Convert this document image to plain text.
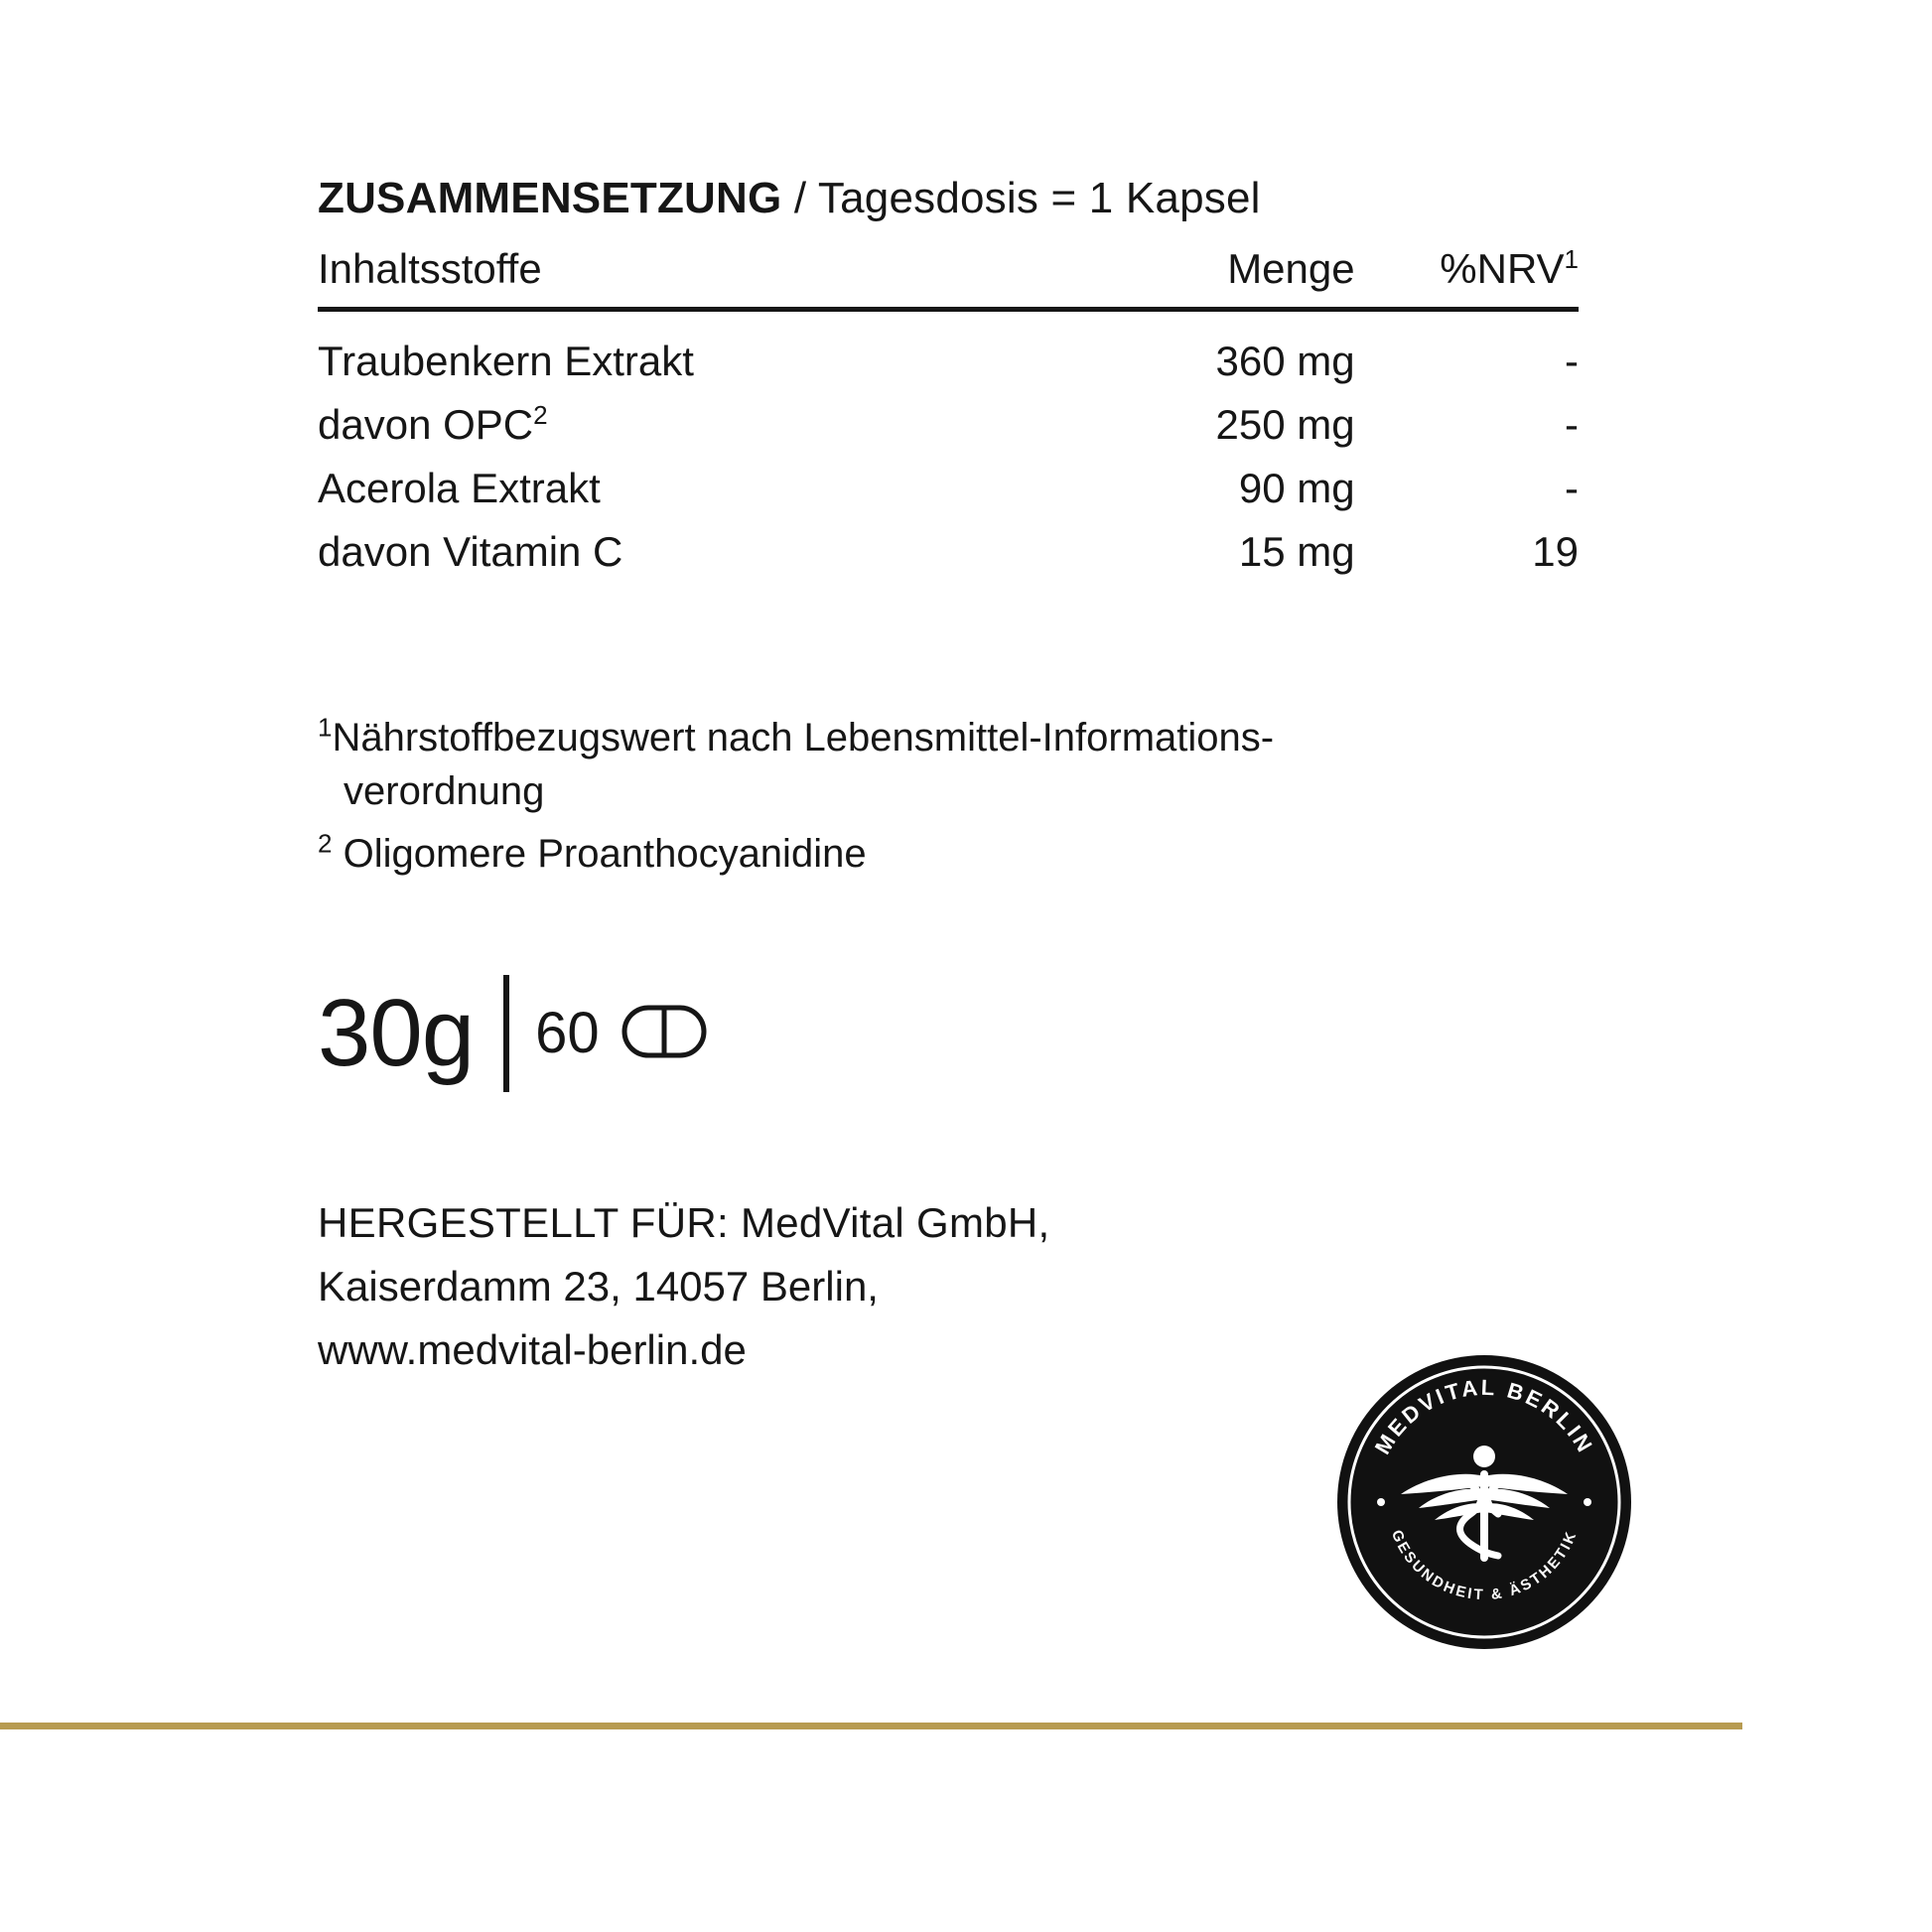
ZUSAMMENSETZUNG / Tagesdosis = 1 Kapsel
Inhaltsstoffe	Menge	%NRV$^1$
Traubenkern Extrakt	360 mg	-
davon OPC$^2$	250 mg	-
Acerola Extrakt	90 mg	-
davon Vitamin C	15 mg	19
$^1$Nährstoffbezugswert nach Lebensmittel-Informations-
verordnung
$^2$ Oligomere Proanthocyanidine
30g 60
HERGESTELLT FÜR: MedVital GmbH,
Kaiserdamm 23, 14057 Berlin,
www.medvital-berlin.de
MEDVITAL BERLIN
GESUNDHEIT & ÄSTHETIK
